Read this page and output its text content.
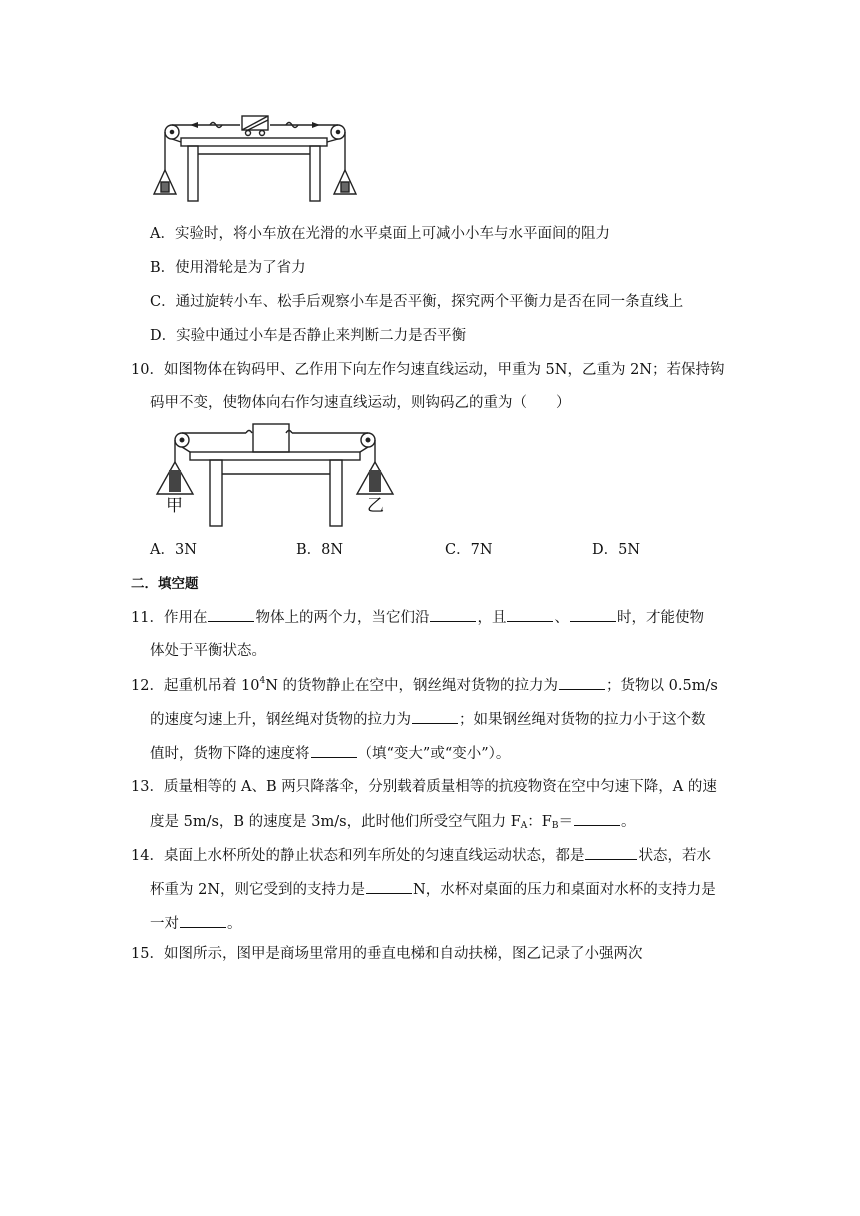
A．实验时，将小车放在光滑的水平桌面上可减小小车与水平面间的阻力
B．使用滑轮是为了省力
C．通过旋转小车、松手后观察小车是否平衡，探究两个平衡力是否在同一条直线上
D．实验中通过小车是否静止来判断二力是否平衡
10．如图物体在钩码甲、乙作用下向左作匀速直线运动，甲重为 5N，乙重为 2N；若保持钩
码甲不变，使物体向右作匀速直线运动，则钩码乙的重为（　　）
甲	乙
A．3N	B．8N	C．7N	D．5N
二．填空题
11．作用在	物体上的两个力，当它们沿	，且	、	时，才能使物
体处于平衡状态。
12．起重机吊着 $10^4N$ 的货物静止在空中，钢丝绳对货物的拉力为	；货物以 0.5m/s
的速度匀速上升，钢丝绳对货物的拉力为	；如果钢丝绳对货物的拉力小于这个数
值时，货物下降的速度将	（填“变大”或“变小”）。
13．质量相等的 A、B 两只降落伞，分别载着质量相等的抗疫物资在空中匀速下降，A 的速
度是 5m/s，B 的速度是 3m/s，此时他们所受空气阻力 $F_A$：$F_B=$	。
14．桌面上水杯所处的静止状态和列车所处的匀速直线运动状态，都是	状态，若水
杯重为 2N，则它受到的支持力是	N，水杯对桌面的压力和桌面对水杯的支持力是
一对	。
15．如图所示，图甲是商场里常用的垂直电梯和自动扶梯，图乙记录了小强两次
